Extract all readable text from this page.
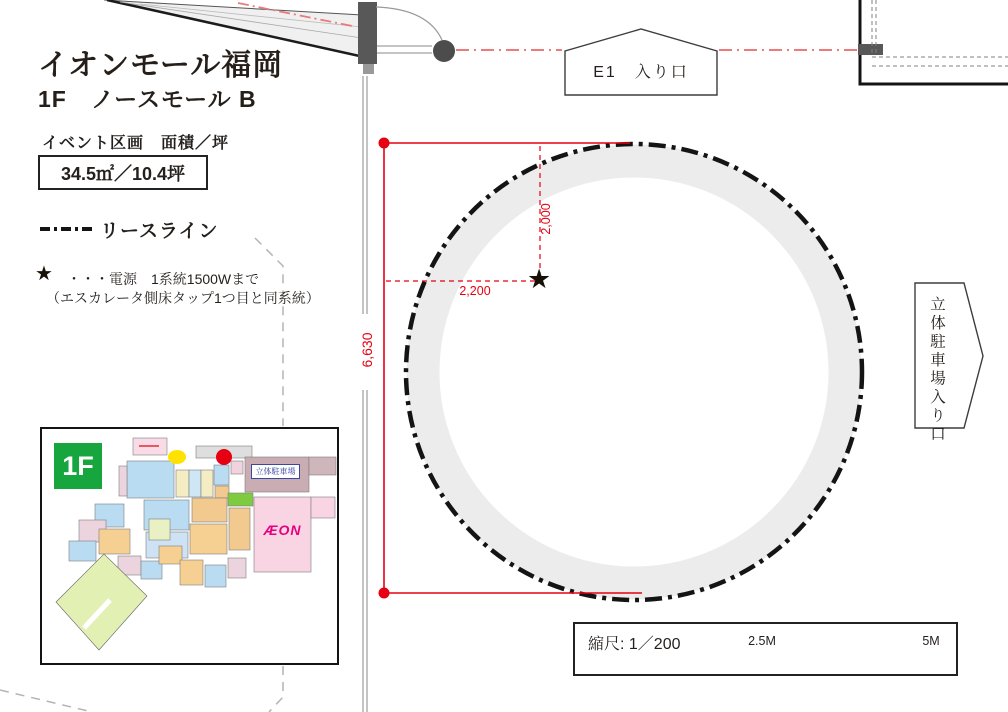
イオンモール福岡
1F　ノースモール B
イベント区画　面積／坪
34.5㎡／10.4坪
リースライン
★ ・・・電源　1系統1500Wまで
（エスカレータ側床タップ1つ目と同系統）
E1　入り口
立体駐車場入り口
6,630
2,000
2,200	★
縮尺: 1／200	2.5M	5M
1F	立体駐車場
ÆON
